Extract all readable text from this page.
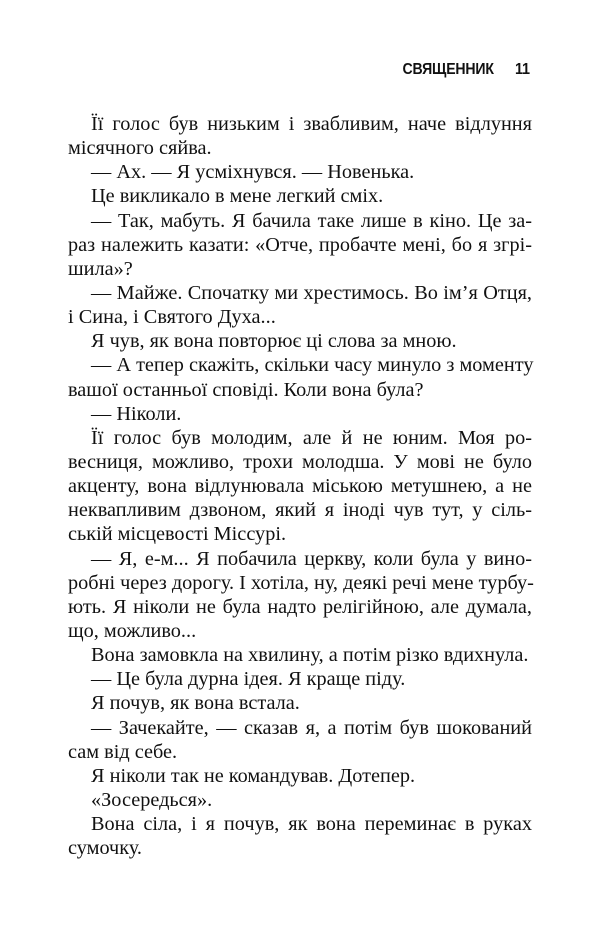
СВЯЩЕННИК 11
Її голос був низьким і звабливим, наче відлуння
місячного сяйва.
— Ах. — Я усміхнувся. — Новенька.
Це викликало в мене легкий сміх.
— Так, мабуть. Я бачила таке лише в кіно. Це за-
раз належить казати: «Отче, пробачте мені, бо я згрі-
шила»?
— Майже. Спочатку ми хрестимось. Во ім’я Отця,
і Сина, і Святого Духа...
Я чув, як вона повторює ці слова за мною.
— А тепер скажіть, скільки часу минуло з моменту
вашої останньої сповіді. Коли вона була?
— Ніколи.
Її голос був молодим, але й не юним. Моя ро-
весниця, можливо, трохи молодша. У мові не було
акценту, вона відлунювала міською метушнею, а не
неквапливим дзвоном, який я іноді чув тут, у сіль-
ській місцевості Міссурі.
— Я, е-м... Я побачила церкву, коли була у вино-
робні через дорогу. І хотіла, ну, деякі речі мене турбу-
ють. Я ніколи не була надто релігійною, але думала,
що, можливо...
Вона замовкла на хвилину, а потім різко вдихнула.
— Це була дурна ідея. Я краще піду.
Я почув, як вона встала.
— Зачекайте, — сказав я, а потім був шокований
сам від себе.
Я ніколи так не командував. Дотепер.
«Зосередься».
Вона сіла, і я почув, як вона перeминає в руках
сумочку.
